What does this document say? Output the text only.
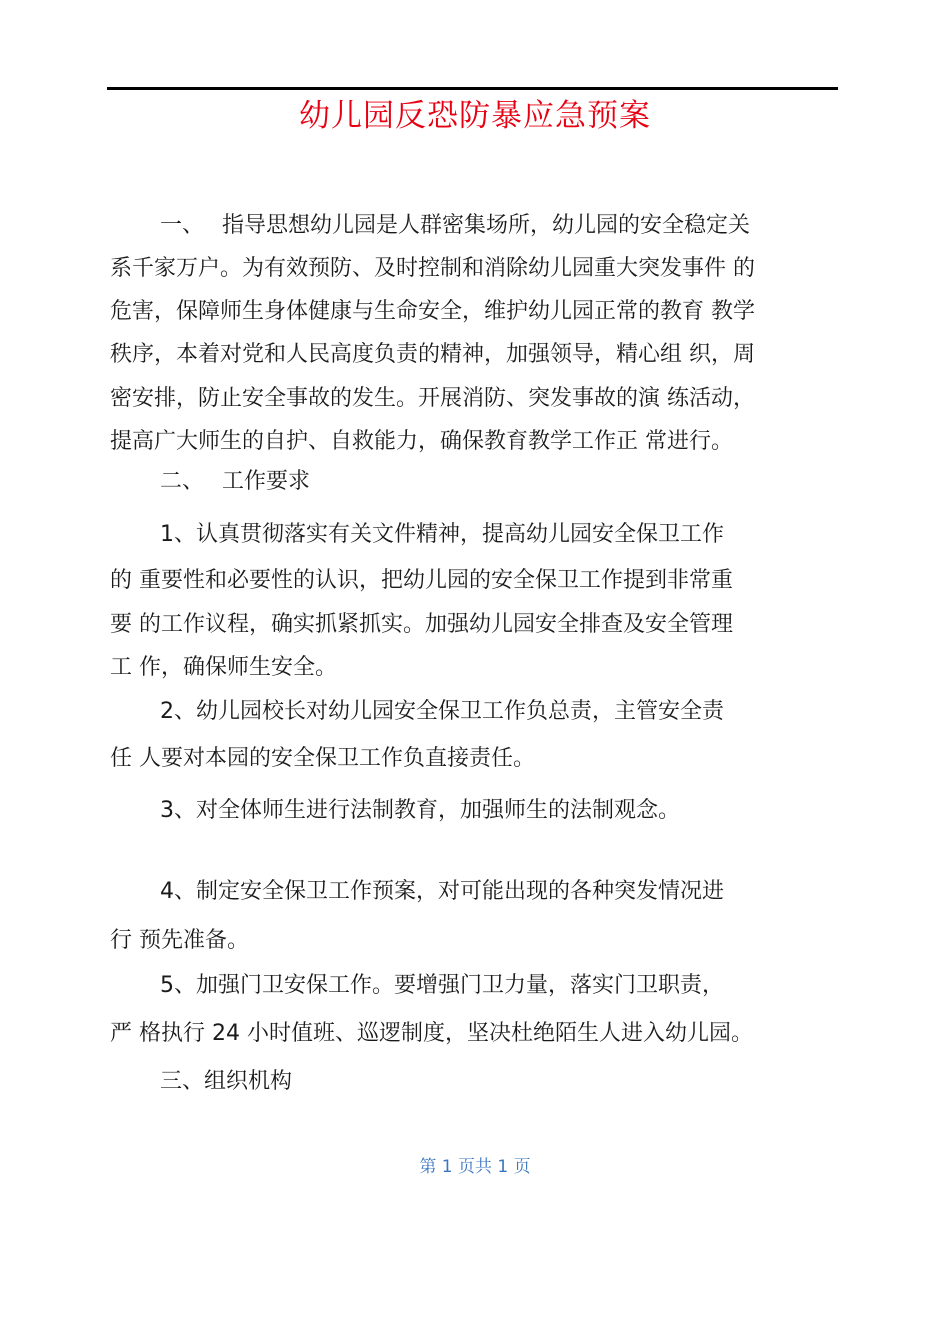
幼儿园反恐防暴应急预案
一、　 指导思想幼儿园是人群密集场所，幼儿园的安全稳定关
系千家万户。为有效预防、及时控制和消除幼儿园重大突发事件 的
危害，保障师生身体健康与生命安全，维护幼儿园正常的教育 教学
秩序，本着对党和人民高度负责的精神，加强领导，精心组 织，周
密安排，防止安全事故的发生。开展消防、突发事故的演 练活动，
提高广大师生的自护、自救能力，确保教育教学工作正 常进行。
二、　 工作要求
1、认真贯彻落实有关文件精神，提高幼儿园安全保卫工作
的 重要性和必要性的认识，把幼儿园的安全保卫工作提到非常重
要 的工作议程，确实抓紧抓实。加强幼儿园安全排查及安全管理
工 作，确保师生安全。
2、幼儿园校长对幼儿园安全保卫工作负总责，主管安全责
任 人要对本园的安全保卫工作负直接责任。
3、对全体师生进行法制教育，加强师生的法制观念。
4、制定安全保卫工作预案，对可能出现的各种突发情况进
行 预先准备。
5、加强门卫安保工作。要增强门卫力量，落实门卫职责，
严 格执行 24 小时值班、巡逻制度，坚决杜绝陌生人进入幼儿园。
三、组织机构
第 1 页共 1 页
